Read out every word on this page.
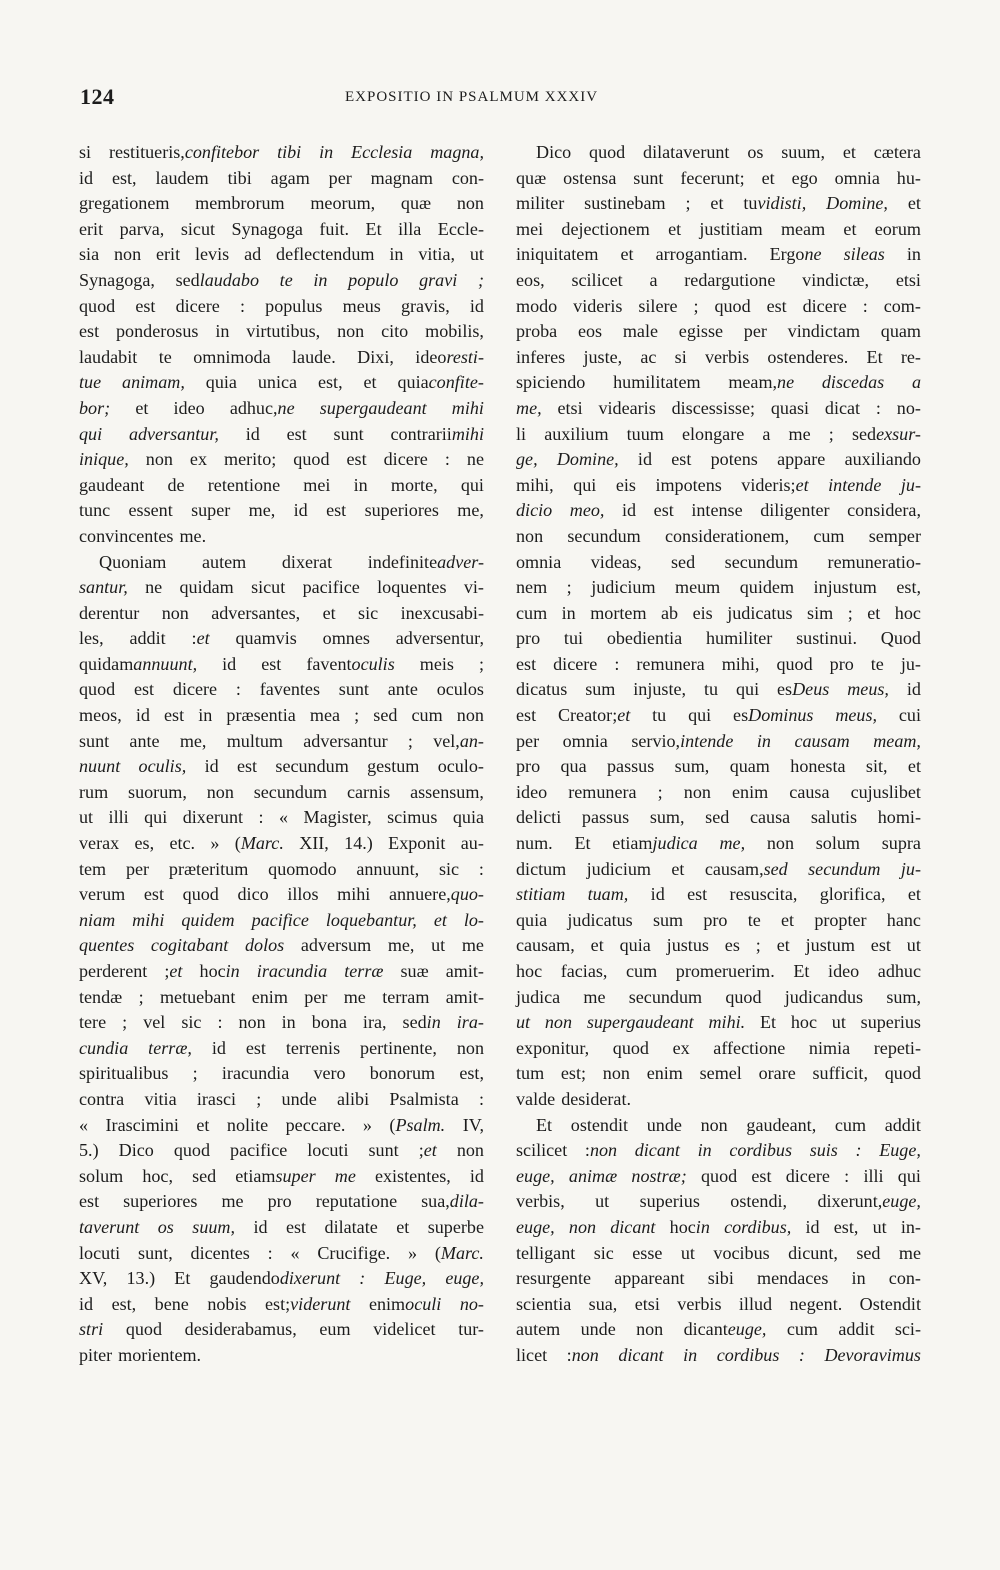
124	EXPOSITIO IN PSALMUM XXXIV
si restitueris,confitebor tibi in Ecclesia magna,
id est, laudem tibi agam per magnam con-
gregationem membrorum meorum, quæ non
erit parva, sicut Synagoga fuit. Et illa Eccle-
sia non erit levis ad deflectendum in vitia, ut
Synagoga, sedlaudabo te in populo gravi ;
quod est dicere : populus meus gravis, id
est ponderosus in virtutibus, non cito mobilis,
laudabit te omnimoda laude. Dixi, ideoresti-
tue animam, quia unica est, et quiaconfite-
bor; et ideo adhuc,ne supergaudeant mihi
qui adversantur, id est sunt contrariimihi
inique, non ex merito; quod est dicere : ne
gaudeant de retentione mei in morte, qui
tunc essent super me, id est superiores me,
convincentes me.
Quoniam autem dixerat indefiniteadver-
santur, ne quidam sicut pacifice loquentes vi-
derentur non adversantes, et sic inexcusabi-
les, addit :et quamvis omnes adversentur,
quidamannuunt, id est faventoculis meis ;
quod est dicere : faventes sunt ante oculos
meos, id est in præsentia mea ; sed cum non
sunt ante me, multum adversantur ; vel,an-
nuunt oculis, id est secundum gestum oculo-
rum suorum, non secundum carnis assensum,
ut illi qui dixerunt : « Magister, scimus quia
verax es, etc. » (Marc. XII, 14.) Exponit au-
tem per præteritum quomodo annuunt, sic :
verum est quod dico illos mihi annuere,quo-
niam mihi quidem pacifice loquebantur, et lo-
quentes cogitabant dolos adversum me, ut me
perderent ;et hocin iracundia terræ suæ amit-
tendæ ; metuebant enim per me terram amit-
tere ; vel sic : non in bona ira, sedin ira-
cundia terræ, id est terrenis pertinente, non
spiritualibus ; iracundia vero bonorum est,
contra vitia irasci ; unde alibi Psalmista :
« Irascimini et nolite peccare. » (Psalm. IV,
5.) Dico quod pacifice locuti sunt ;et non
solum hoc, sed etiamsuper me existentes, id
est superiores me pro reputatione sua,dila-
taverunt os suum, id est dilatate et superbe
locuti sunt, dicentes : « Crucifige. » (Marc.
XV, 13.) Et gaudendodixerunt : Euge, euge,
id est, bene nobis est;viderunt enimoculi no-
stri quod desiderabamus, eum videlicet tur-
piter morientem.
Dico quod dilataverunt os suum, et cætera
quæ ostensa sunt fecerunt; et ego omnia hu-
militer sustinebam ; et tuvidisti, Domine, et
mei dejectionem et justitiam meam et eorum
iniquitatem et arrogantiam. Ergone sileas in
eos, scilicet a redargutione vindictæ, etsi
modo videris silere ; quod est dicere : com-
proba eos male egisse per vindictam quam
inferes juste, ac si verbis ostenderes. Et re-
spiciendo humilitatem meam,ne discedas a
me, etsi videaris discessisse; quasi dicat : no-
li auxilium tuum elongare a me ; sedexsur-
ge, Domine, id est potens appare auxiliando
mihi, qui eis impotens videris;et intende ju-
dicio meo, id est intense diligenter considera,
non secundum considerationem, cum semper
omnia videas, sed secundum remuneratio-
nem ; judicium meum quidem injustum est,
cum in mortem ab eis judicatus sim ; et hoc
pro tui obedientia humiliter sustinui. Quod
est dicere : remunera mihi, quod pro te ju-
dicatus sum injuste, tu qui esDeus meus, id
est Creator;et tu qui esDominus meus, cui
per omnia servio,intende in causam meam,
pro qua passus sum, quam honesta sit, et
ideo remunera ; non enim causa cujuslibet
delicti passus sum, sed causa salutis homi-
num. Et etiamjudica me, non solum supra
dictum judicium et causam,sed secundum ju-
stitiam tuam, id est resuscita, glorifica, et
quia judicatus sum pro te et propter hanc
causam, et quia justus es ; et justum est ut
hoc facias, cum promeruerim. Et ideo adhuc
judica me secundum quod judicandus sum,
ut non supergaudeant mihi. Et hoc ut superius
exponitur, quod ex affectione nimia repeti-
tum est; non enim semel orare sufficit, quod
valde desiderat.
Et ostendit unde non gaudeant, cum addit
scilicet :non dicant in cordibus suis : Euge,
euge, animæ nostræ; quod est dicere : illi qui
verbis, ut superius ostendi, dixerunt,euge,
euge, non dicant hocin cordibus, id est, ut in-
telligant sic esse ut vocibus dicunt, sed me
resurgente appareant sibi mendaces in con-
scientia sua, etsi verbis illud negent. Ostendit
autem unde non dicanteuge, cum addit sci-
licet :non dicant in cordibus : Devoravimus
